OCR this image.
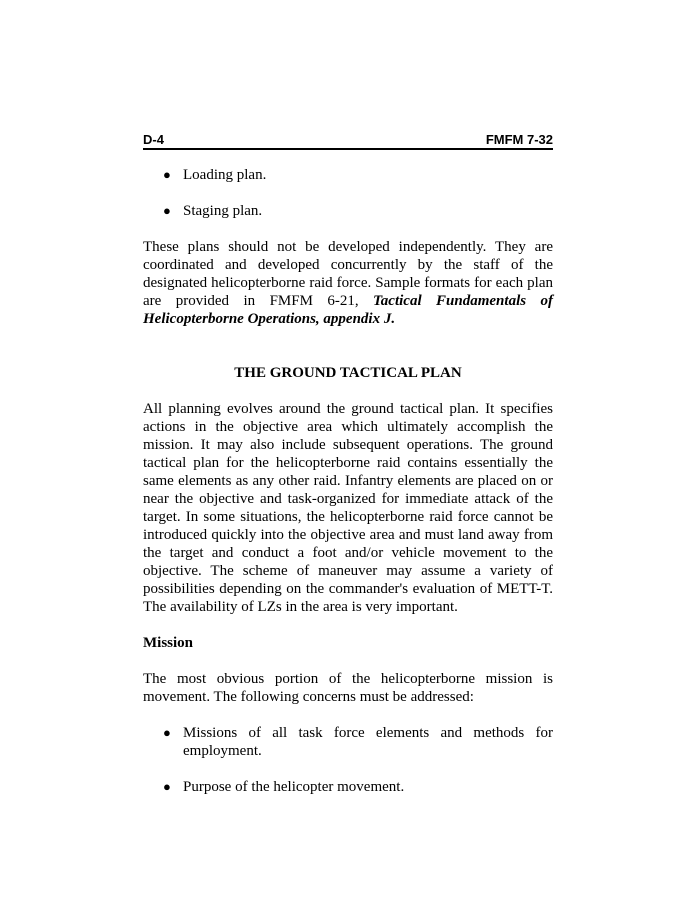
D-4	FMFM 7-32
● Loading plan.
● Staging plan.

These plans should not be developed independently. They are coordinated and developed concurrently by the staff of the designated helicopterborne raid force. Sample formats for each plan are provided in FMFM 6-21, Tactical Fundamentals of Helicopterborne Operations, appendix J.

THE GROUND TACTICAL PLAN

All planning evolves around the ground tactical plan. It specifies actions in the objective area which ultimately accomplish the mission. It may also include subsequent operations. The ground tactical plan for the helicopterborne raid contains essentially the same elements as any other raid. Infantry elements are placed on or near the objective and task-organized for immediate attack of the target. In some situations, the helicopterborne raid force cannot be introduced quickly into the objective area and must land away from the target and conduct a foot and/or vehicle movement to the objective. The scheme of maneuver may assume a variety of possibilities depending on the commander's evaluation of METT-T. The availability of LZs in the area is very important.

Mission

The most obvious portion of the helicopterborne mission is movement. The following concerns must be addressed:

● Missions of all task force elements and methods for employment.
● Purpose of the helicopter movement.
